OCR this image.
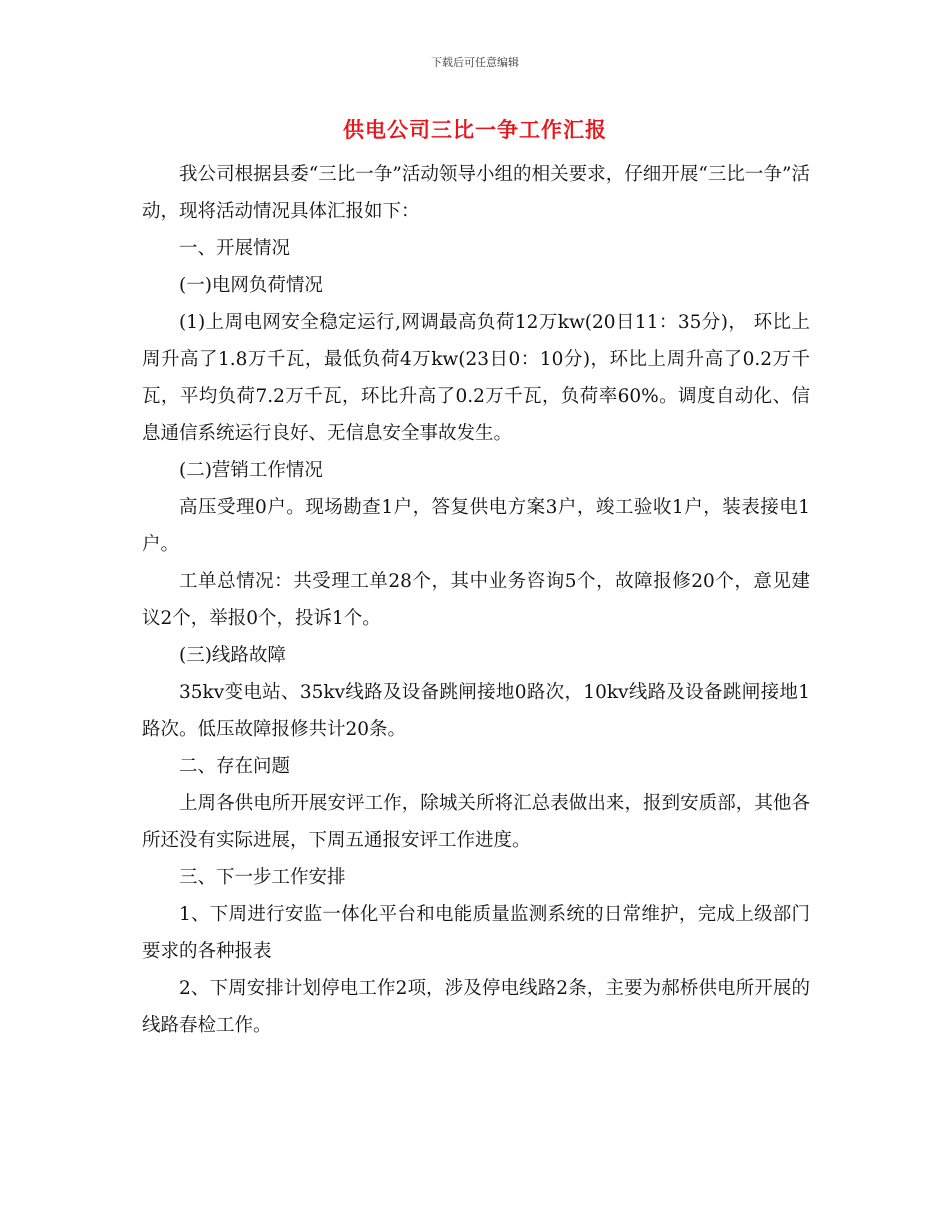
下载后可任意编辑
供电公司三比一争工作汇报

我公司根据县委“三比一争”活动领导小组的相关要求，仔细开展“三比一争”活动，现将活动情况具体汇报如下：

一、开展情况

(一)电网负荷情况

(1)上周电网安全稳定运行,网调最高负荷12万kw(20日11：35分)， 环比上周升高了1.8万千瓦，最低负荷4万kw(23日0：10分)，环比上周升高了0.2万千瓦，平均负荷7.2万千瓦，环比升高了0.2万千瓦，负荷率60%。调度自动化、信息通信系统运行良好、无信息安全事故发生。

(二)营销工作情况

高压受理0户。现场勘查1户，答复供电方案3户，竣工验收1户，装表接电1户。

工单总情况：共受理工单28个，其中业务咨询5个，故障报修20个，意见建议2个，举报0个，投诉1个。

(三)线路故障

35kv变电站、35kv线路及设备跳闸接地0路次，10kv线路及设备跳闸接地1路次。低压故障报修共计20条。

二、存在问题

上周各供电所开展安评工作，除城关所将汇总表做出来，报到安质部，其他各所还没有实际进展，下周五通报安评工作进度。

三、下一步工作安排

1、下周进行安监一体化平台和电能质量监测系统的日常维护，完成上级部门要求的各种报表

2、下周安排计划停电工作2项，涉及停电线路2条，主要为郝桥供电所开展的线路春检工作。
